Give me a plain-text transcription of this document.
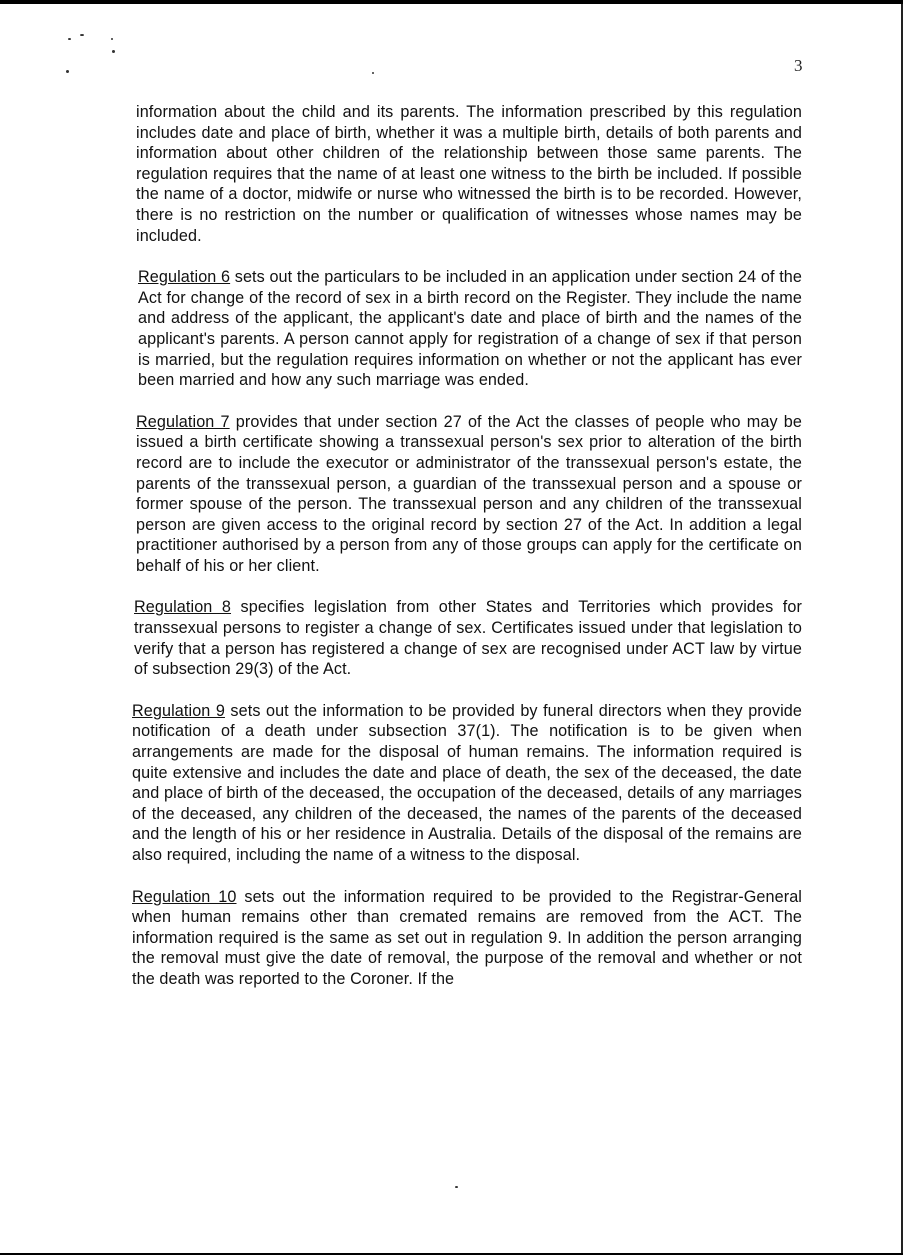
3

information about the child and its parents. The information prescribed by this regulation includes date and place of birth, whether it was a multiple birth, details of both parents and information about other children of the relationship between those same parents. The regulation requires that the name of at least one witness to the birth be included. If possible the name of a doctor, midwife or nurse who witnessed the birth is to be recorded. However, there is no restriction on the number or qualification of witnesses whose names may be included.

Regulation 6 sets out the particulars to be included in an application under section 24 of the Act for change of the record of sex in a birth record on the Register. They include the name and address of the applicant, the applicant's date and place of birth and the names of the applicant's parents. A person cannot apply for registration of a change of sex if that person is married, but the regulation requires information on whether or not the applicant has ever been married and how any such marriage was ended.

Regulation 7 provides that under section 27 of the Act the classes of people who may be issued a birth certificate showing a transsexual person's sex prior to alteration of the birth record are to include the executor or administrator of the transsexual person's estate, the parents of the transsexual person, a guardian of the transsexual person and a spouse or former spouse of the person. The transsexual person and any children of the transsexual person are given access to the original record by section 27 of the Act. In addition a legal practitioner authorised by a person from any of those groups can apply for the certificate on behalf of his or her client.

Regulation 8 specifies legislation from other States and Territories which provides for transsexual persons to register a change of sex. Certificates issued under that legislation to verify that a person has registered a change of sex are recognised under ACT law by virtue of subsection 29(3) of the Act.

Regulation 9 sets out the information to be provided by funeral directors when they provide notification of a death under subsection 37(1). The notification is to be given when arrangements are made for the disposal of human remains. The information required is quite extensive and includes the date and place of death, the sex of the deceased, the date and place of birth of the deceased, the occupation of the deceased, details of any marriages of the deceased, any children of the deceased, the names of the parents of the deceased and the length of his or her residence in Australia. Details of the disposal of the remains are also required, including the name of a witness to the disposal.

Regulation 10 sets out the information required to be provided to the Registrar-General when human remains other than cremated remains are removed from the ACT. The information required is the same as set out in regulation 9. In addition the person arranging the removal must give the date of removal, the purpose of the removal and whether or not the death was reported to the Coroner. If the
